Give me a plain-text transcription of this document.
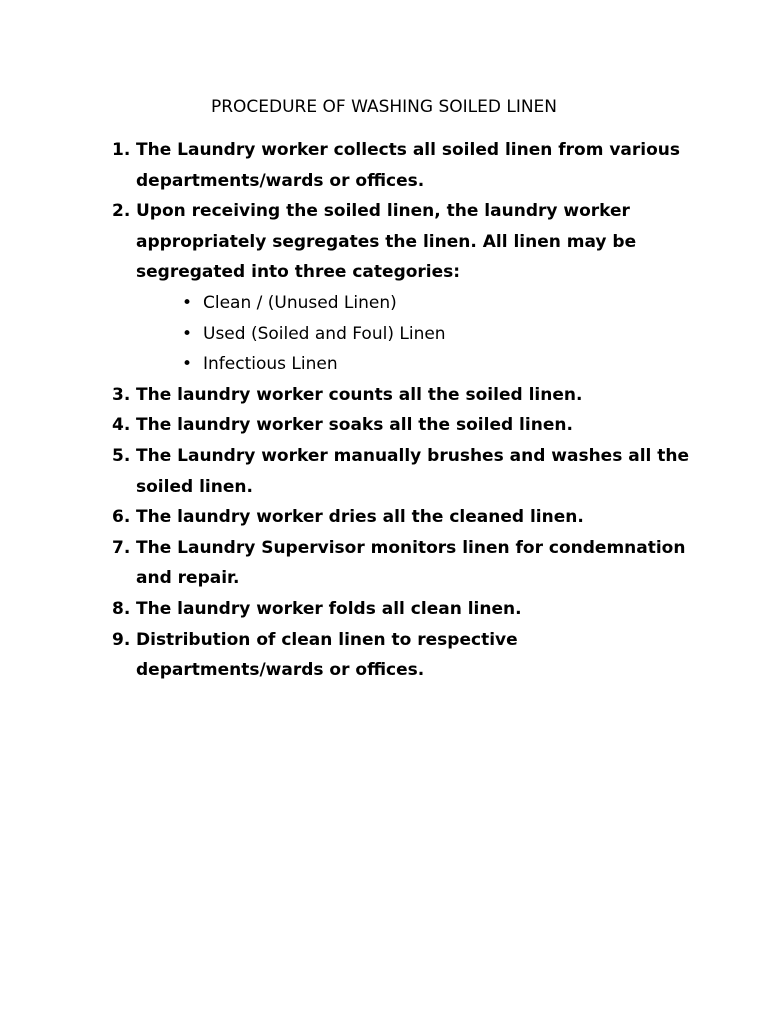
PROCEDURE OF WASHING SOILED LINEN
1. The Laundry worker collects all soiled linen from various departments/wards or offices.
2. Upon receiving the soiled linen, the laundry worker appropriately segregates the linen. All linen may be segregated into three categories:
• Clean / (Unused Linen)
• Used (Soiled and Foul) Linen
• Infectious Linen
3. The laundry worker counts all the soiled linen.
4. The laundry worker soaks all the soiled linen.
5. The Laundry worker manually brushes and washes all the soiled linen.
6. The laundry worker dries all the cleaned linen.
7. The Laundry Supervisor monitors linen for condemnation and repair.
8. The laundry worker folds all clean linen.
9. Distribution of clean linen to respective departments/wards or offices.
